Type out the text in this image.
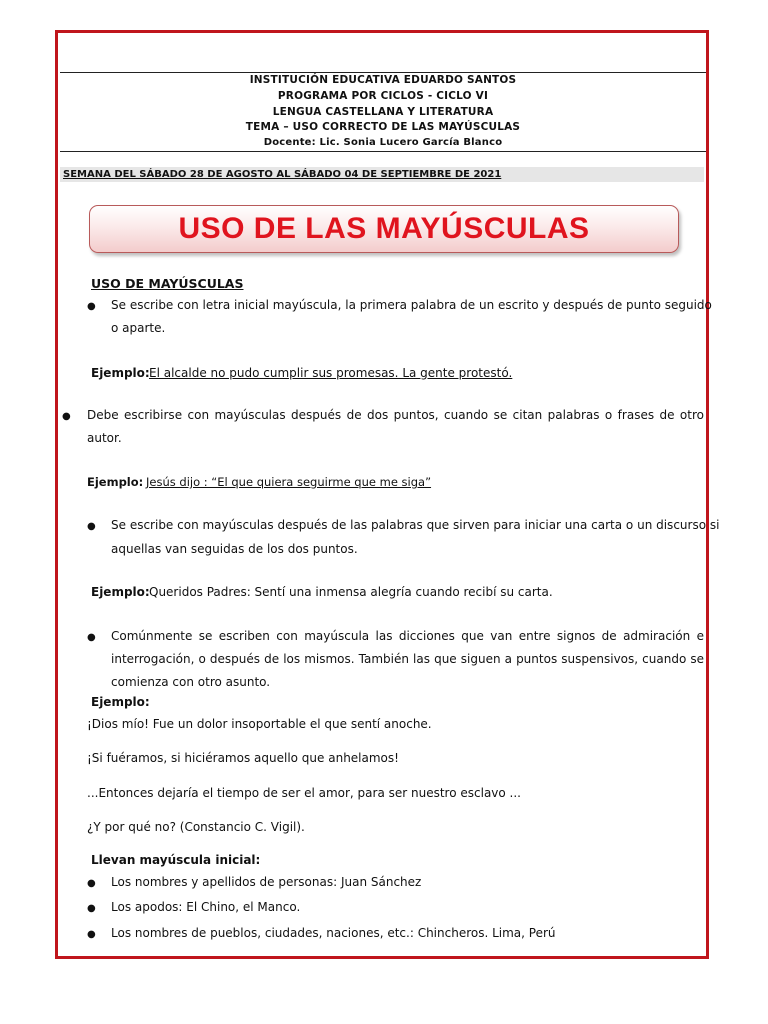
INSTITUCIÓN EDUCATIVA EDUARDO SANTOS
PROGRAMA POR CICLOS - CICLO VI
LENGUA CASTELLANA Y LITERATURA
TEMA – USO CORRECTO DE LAS MAYÚSCULAS
Docente: Lic. Sonia Lucero García Blanco
SEMANA DEL SÁBADO 28 DE AGOSTO AL SÁBADO 04 DE SEPTIEMBRE DE 2021
USO DE LAS MAYÚSCULAS
USO DE MAYÚSCULAS
● Se escribe con letra inicial mayúscula, la primera palabra de un escrito y después de punto seguido
o aparte.
Ejemplo: El alcalde no pudo cumplir sus promesas. La gente protestó.
● Debe escribirse con mayúsculas después de dos puntos, cuando se citan palabras o frases de otro
autor.
Ejemplo: Jesús dijo : “El que quiera seguirme que me siga”
● Se escribe con mayúsculas después de las palabras que sirven para iniciar una carta o un discurso si
aquellas van seguidas de los dos puntos.
Ejemplo: Queridos Padres: Sentí una inmensa alegría cuando recibí su carta.
● Comúnmente se escriben con mayúscula las dicciones que van entre signos de admiración e
interrogación, o después de los mismos. También las que siguen a puntos suspensivos, cuando se
comienza con otro asunto.
Ejemplo:
¡Dios mío! Fue un dolor insoportable el que sentí anoche.
¡Si fuéramos, si hiciéramos aquello que anhelamos!
...Entonces dejaría el tiempo de ser el amor, para ser nuestro esclavo ...
¿Y por qué no? (Constancio C. Vigil).
Llevan mayúscula inicial:
● Los nombres y apellidos de personas: Juan Sánchez
● Los apodos: El Chino, el Manco.
● Los nombres de pueblos, ciudades, naciones, etc.: Chincheros. Lima, Perú
